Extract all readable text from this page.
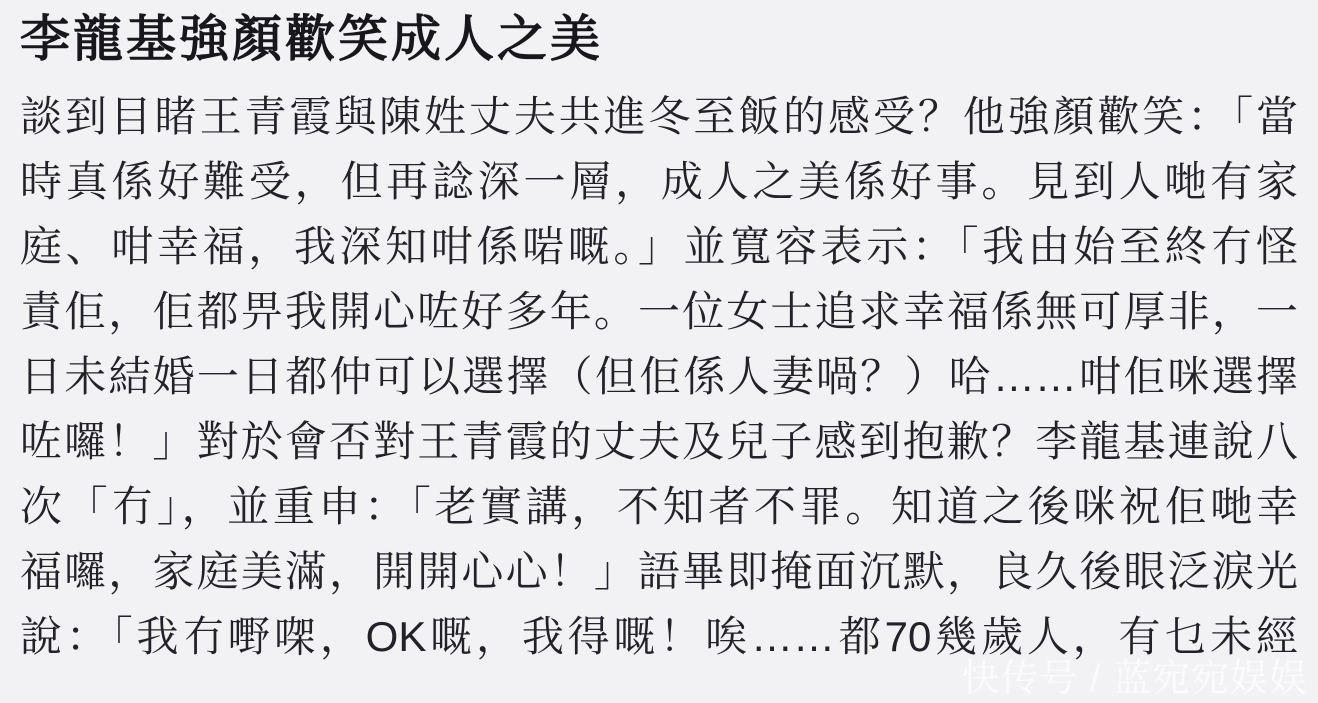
李龍基強顏歡笑成人之美
談到目睹王青霞與陳姓丈夫共進冬至飯的感受？他強顏歡笑：「當
時真係好難受，但再諗深一層，成人之美係好事。見到人哋有家
庭、咁幸福，我深知咁係啱嘅。」並寬容表示：「我由始至終冇怪
責佢，佢都畀我開心咗好多年。一位女士追求幸福係無可厚非，一
日未結婚一日都仲可以選擇（但佢係人妻喎？）哈……咁佢咪選擇
咗囉！」對於會否對王青霞的丈夫及兒子感到抱歉？李龍基連說八
次「冇」，並重申：「老實講，不知者不罪。知道之後咪祝佢哋幸
福囉，家庭美滿，開開心心！」語畢即掩面沉默，良久後眼泛淚光
說：「我冇嘢㗎，OK嘅，我得嘅！唉……都70幾歲人，有乜未經
快传号 / 蓝宛宛娱娱
